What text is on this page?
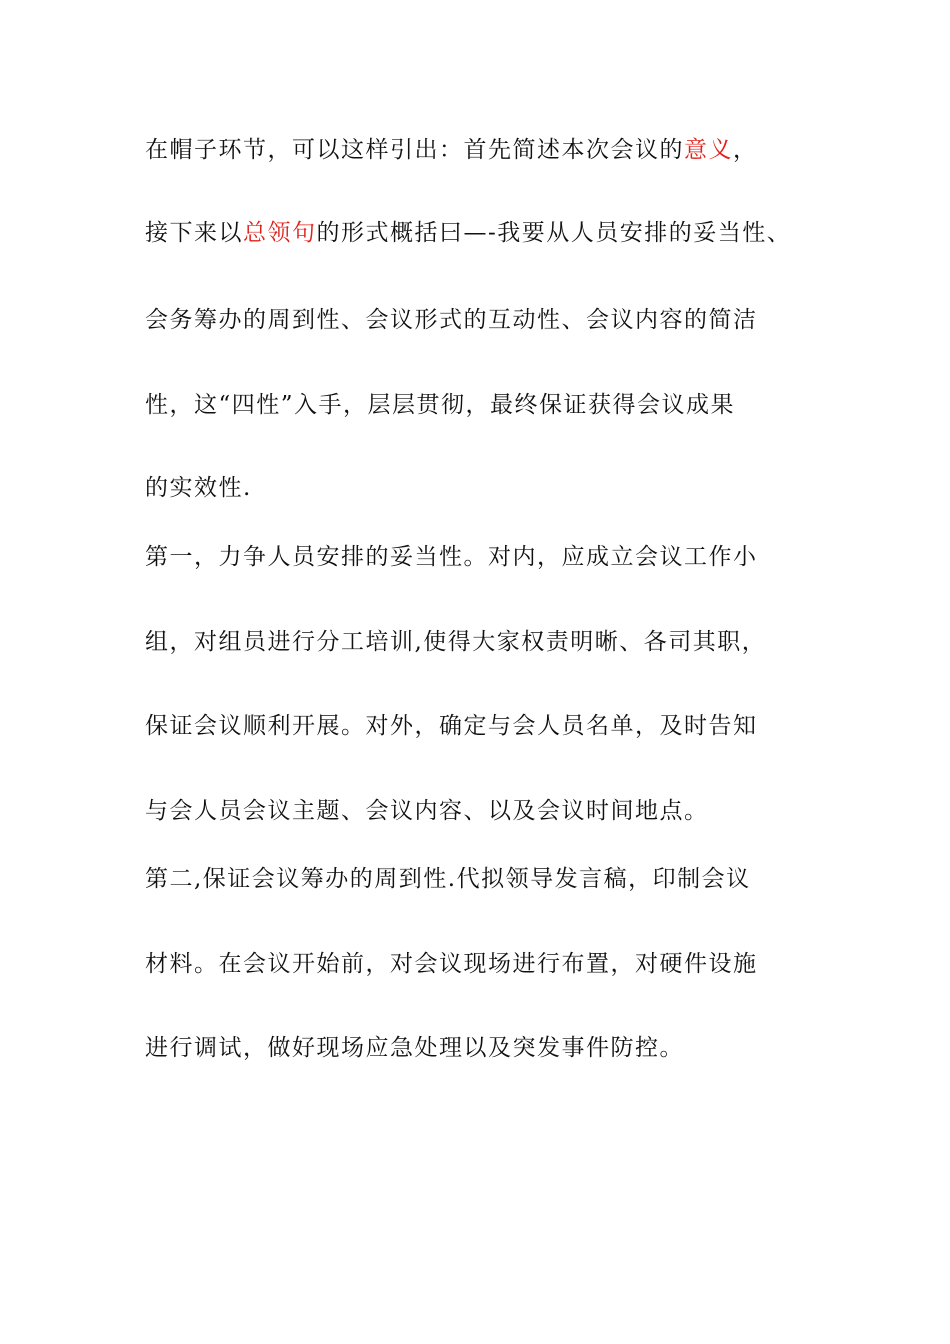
在帽子环节，可以这样引出：首先简述本次会议的意义，
接下来以总领句的形式概括曰—-我要从人员安排的妥当性、
会务筹办的周到性、会议形式的互动性、会议内容的简洁
性，这“四性”入手，层层贯彻，最终保证获得会议成果
的实效性.
第一，力争人员安排的妥当性。对内，应成立会议工作小
组，对组员进行分工培训,使得大家权责明晰、各司其职，
保证会议顺利开展。对外，确定与会人员名单，及时告知
与会人员会议主题、会议内容、以及会议时间地点。
第二,保证会议筹办的周到性.代拟领导发言稿，印制会议
材料。在会议开始前，对会议现场进行布置，对硬件设施
进行调试，做好现场应急处理以及突发事件防控。
